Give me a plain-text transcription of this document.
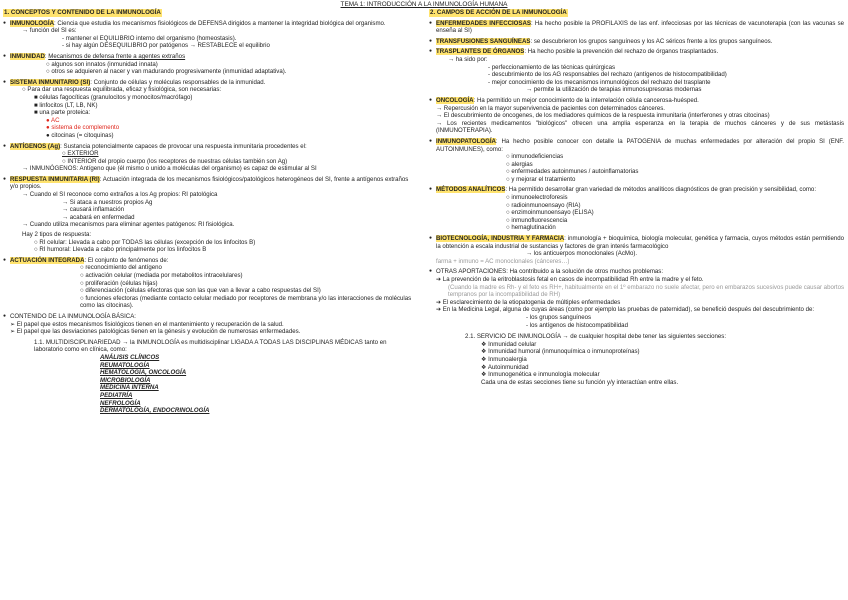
TEMA 1: INTRODUCCIÓN A LA INMUNOLOGÍA HUMANA
1. CONCEPTOS Y CONTENIDO DE LA INMUNOLOGÍA
● INMUNOLOGÍA: Ciencia que estudia los mecanismos fisiológicos de DEFENSA dirigidos a mantener la integridad biológica del organismo.
→ función del SI es:
- mantener el EQUILIBRIO interno del organismo (homeostasis).
- si hay algún DESEQUILIBRIO por patógenos → RESTABLECE el equilibrio
● INMUNIDAD: Mecanismos de defensa frente a agentes extraños
○ algunos son innatos (inmunidad innata)
○ otros se adquieren al nacer y van madurando progresivamente (inmunidad adaptativa).
● SISTEMA INMUNITARIO (SI): Conjunto de células y moléculas responsables de la inmunidad.
○ Para dar una respuesta equilibrada, eficaz y fisiológica, son necesarias:
■ células fagocíticas (granulocitos y monocitos/macrófago)
■ linfocitos (LT, LB, NK)
■ una parte proteica:
● AC
● sistema de complemento
● citocinas (= citoquinas)
● ANTÍGENOS (Ag): Sustancia potencialmente capaces de provocar una respuesta inmunitaria procedentes el:
○ EXTERIOR
○ INTERIOR del propio cuerpo (los receptores de nuestras células también son Ag)
→ INMUNÓGENOS: Antígeno que (él mismo o unido a moléculas del organismo) es capaz de estimular al SI
● RESPUESTA INMUNITARIA (RI): Actuación integrada de los mecanismos fisiológicos/patológicos heterogéneos del SI, frente a antígenos extraños y/o propios.
→ Cuando el SI reconoce como extraños a los Ag propios: RI patológica
→ Si ataca a nuestros propios Ag
→ causará inflamación
→ acabará en enfermedad
→ Cuando utiliza mecanismos para eliminar agentes patógenos: RI fisiológica.
Hay 2 tipos de respuesta:
○ RI celular: Llevada a cabo por TODAS las células (excepción de los linfocitos B)
○ RI humoral: Llevada a cabo principalmente por los linfocitos B
● ACTUACIÓN INTEGRADA: El conjunto de fenómenos de:
○ reconocimiento del antígeno
○ activación celular (mediada por metabolitos intracelulares)
○ proliferación (células hijas)
○ diferenciación (células efectoras que son las que van a llevar a cabo respuestas del SI)
○ funciones efectoras (mediante contacto celular mediado por receptores de membrana y/o las interacciones de moléculas como las citocinas).
● CONTENIDO DE LA INMUNOLOGÍA BÁSICA:
➢ El papel que estos mecanismos fisiológicos tienen en el mantenimiento y recuperación de la salud.
➢ El papel que las desviaciones patológicas tienen en la génesis y evolución de numerosas enfermedades.
1.1. MULTIDISCIPLINARIEDAD → la INMUNOLOGÍA es multidisciplinar LIGADA A TODAS LAS DISCIPLINAS MÉDICAS tanto en laboratorio como en clínica, como:
ANÁLISIS CLÍNICOS
REUMATOLOGÍA
HEMATOLOGÍA, ONCOLOGÍA
MICROBIOLOGÍA
MEDICINA INTERNA
PEDIATRÍA
NEFROLOGÍA
DERMATOLOGÍA, ENDOCRINOLOGÍA
2. CAMPOS DE ACCIÓN DE LA INMUNOLOGÍA
● ENFERMEDADES INFECCIOSAS: Ha hecho posible la PROFILAXIS de las enf. infecciosas por las técnicas de vacunoterapia (con las vacunas se enseña al SI)
● TRANSFUSIONES SANGUÍNEAS: se descubrieron los grupos sanguíneos y los AC séricos frente a los grupos sanguíneos.
● TRASPLANTES DE ÓRGANOS: Ha hecho posible la prevención del rechazo de órganos trasplantados.
→ ha sido por:
- perfeccionamiento de las técnicas quirúrgicas
- descubrimiento de los AG responsables del rechazo (antígenos de histocompatibilidad)
- mejor conocimiento de los mecanismos inmunológicos del rechazo del trasplante
→ permite la utilización de terapias inmunosupresoras modernas
● ONCOLOGÍA: Ha permitido un mejor conocimiento de la interrelación célula cancerosa-huésped.
→ Repercusión en la mayor supervivencia de pacientes con determinados cánceres.
→ El descubrimiento de oncogenes, de los mediadores químicos de la respuesta inmunitaria (interferones y otras citocinas)
→ Los recientes medicamentos "biológicos" ofrecen una amplia esperanza en la terapia de muchos cánceres y de sus metástasis (INMUNOTERAPIA).
● INMUNOPATOLOGÍA: Ha hecho posible conocer con detalle la PATOGENIA de muchas enfermedades por alteración del propio SI (ENF. AUTOINMUNES), como:
○ inmunodeficiencias
○ alergias
○ enfermedades autoinmunes / autoinflamatorias
○ y mejorar el tratamiento
● MÉTODOS ANALÍTICOS: Ha permitido desarrollar gran variedad de métodos analíticos diagnósticos de gran precisión y sensibilidad, como:
○ inmunoelectroforesis
○ radioinmunoensayo (RIA)
○ enzimoinmunoensayo (ELISA)
○ inmunofluorescencia
○ hemaglutinación
● BIOTECNOLOGÍA, INDUSTRIA Y FARMACIA: inmunología + bioquímica, biología molecular, genética y farmacia, cuyos métodos están permitiendo la obtención a escala industrial de sustancias y factores de gran interés farmacológico
→ los anticuerpos monoclonales (AcMo).
farma + inmuno = AC monoclonales (cánceres…)
● OTRAS APORTACIONES: Ha contribuido a la solución de otros muchos problemas:
➔ La prevención de la eritroblastosis fetal en casos de incompatibilidad Rh entre la madre y el feto.
(Cuando la madre es Rh- y el feto es RH+, habitualmente en el 1º embarazo no suele afectar, pero en embarazos sucesivos puede causar abortos tempranos por la incompatibilidad de RH)
➔ El esclarecimiento de la etiopatogenia de múltiples enfermedades
➔ En la Medicina Legal, alguna de cuyas áreas (como por ejemplo las pruebas de paternidad), se benefició después del descubrimiento de:
- los grupos sanguíneos
- los antígenos de histocompatibilidad
2.1. SERVICIO DE INMUNOLOGÍA → de cualquier hospital debe tener las siguientes secciones:
❖ Inmunidad celular
❖ Inmunidad humoral (inmunoquímica o inmunoproteínas)
❖ Inmunoalergia
❖ Autoinmunidad
❖ Inmunogenética e inmunología molecular
Cada una de estas secciones tiene su función y/y interactúan entre ellas.
